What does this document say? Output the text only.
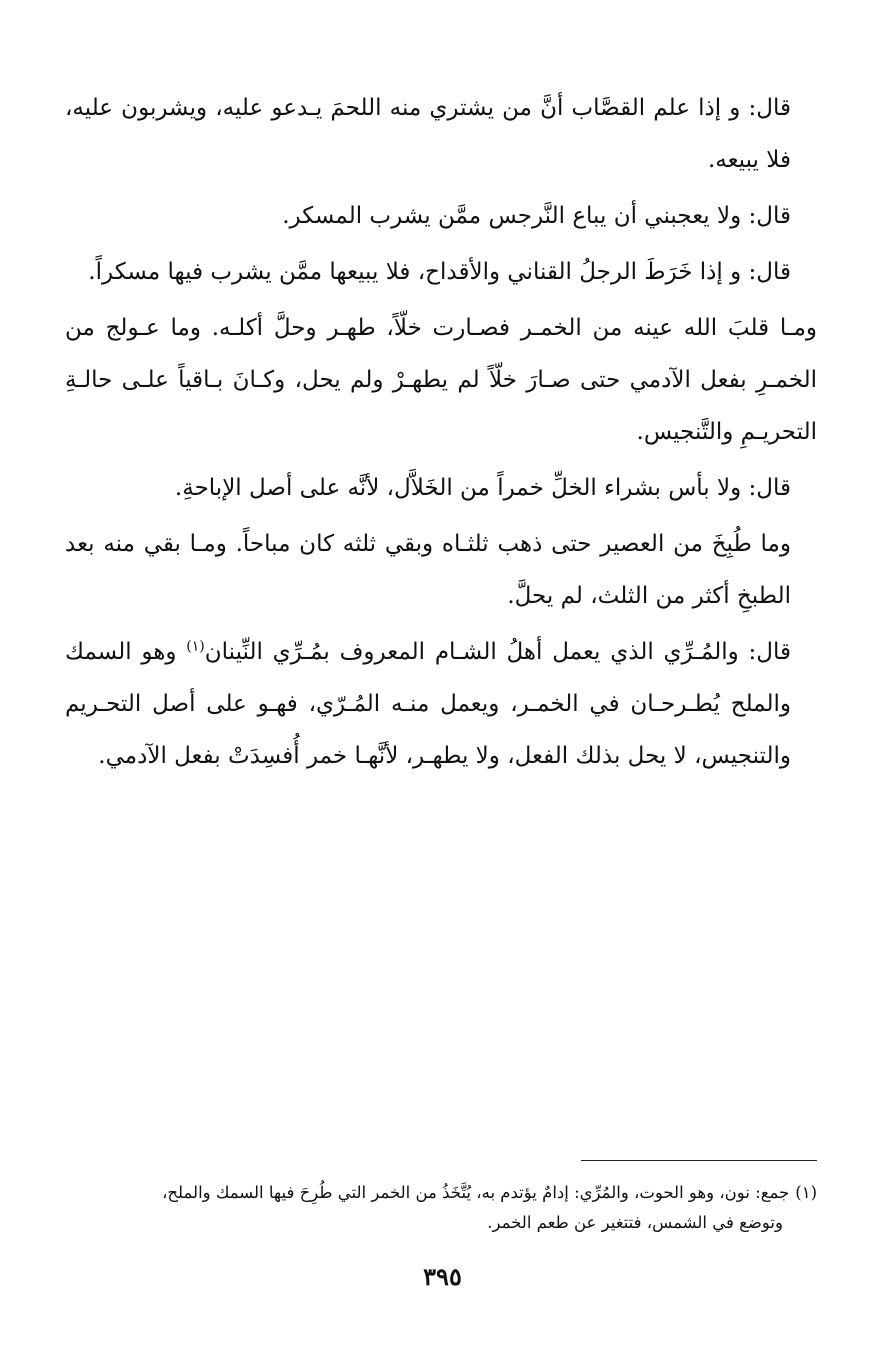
قال: و إذا علم القصَّاب أنَّ من يشتري منه اللحمَ يـدعو عليه، ويشربون عليه، فلا يبيعه.

قال: ولا يعجبني أن يباع النَّرجس ممَّن يشرب المسكر.

قال: و إذا خَرَطَ الرجلُ القناني والأقداح، فلا يبيعها ممَّن يشرب فيها مسكراً.

ومـا قلبَ الله عينه من الخمـر فصـارت خلّاً، طهـر وحلَّ أكلـه. وما عـولج من الخمـرِ بفعل الآدمي حتى صـارَ خلّاً لم يطهـرْ ولم يحل، وكـانَ بـاقياً علـى حالـةِ التحريـمِ والتَّنجيس.

قال: ولا بأس بشراء الخلِّ خمراً من الخَلاَّل، لأنَّه على أصل الإباحةِ.

وما طُبِخَ من العصير حتى ذهب ثلثـاه وبقي ثلثه كان مباحاً. ومـا بقي منه بعد الطبخِ أكثر من الثلث، لم يحلَّ.

قال: والمُـرِّي الذي يعمل أهلُ الشـام المعروف بمُـرِّي النِّينان$^{(١)}$ وهو السمك والملح يُطـرحـان في الخمـر، ويعمل منـه المُـرّي، فهـو على أصل التحـريم والتنجيس، لا يحل بذلك الفعل، ولا يطهـر، لأنَّهـا خمر أُفسِدَتْ بفعل الآدمي.

(١)جمع: نون، وهو الحوت، والمُرِّي: إدامٌ يؤتدم به، يُتَّخَذُ من الخمر التي طُرِحَ فيها السمك والملح،
وتوضع في الشمس، فتتغير عن طعم الخمر.
٣٩٥
